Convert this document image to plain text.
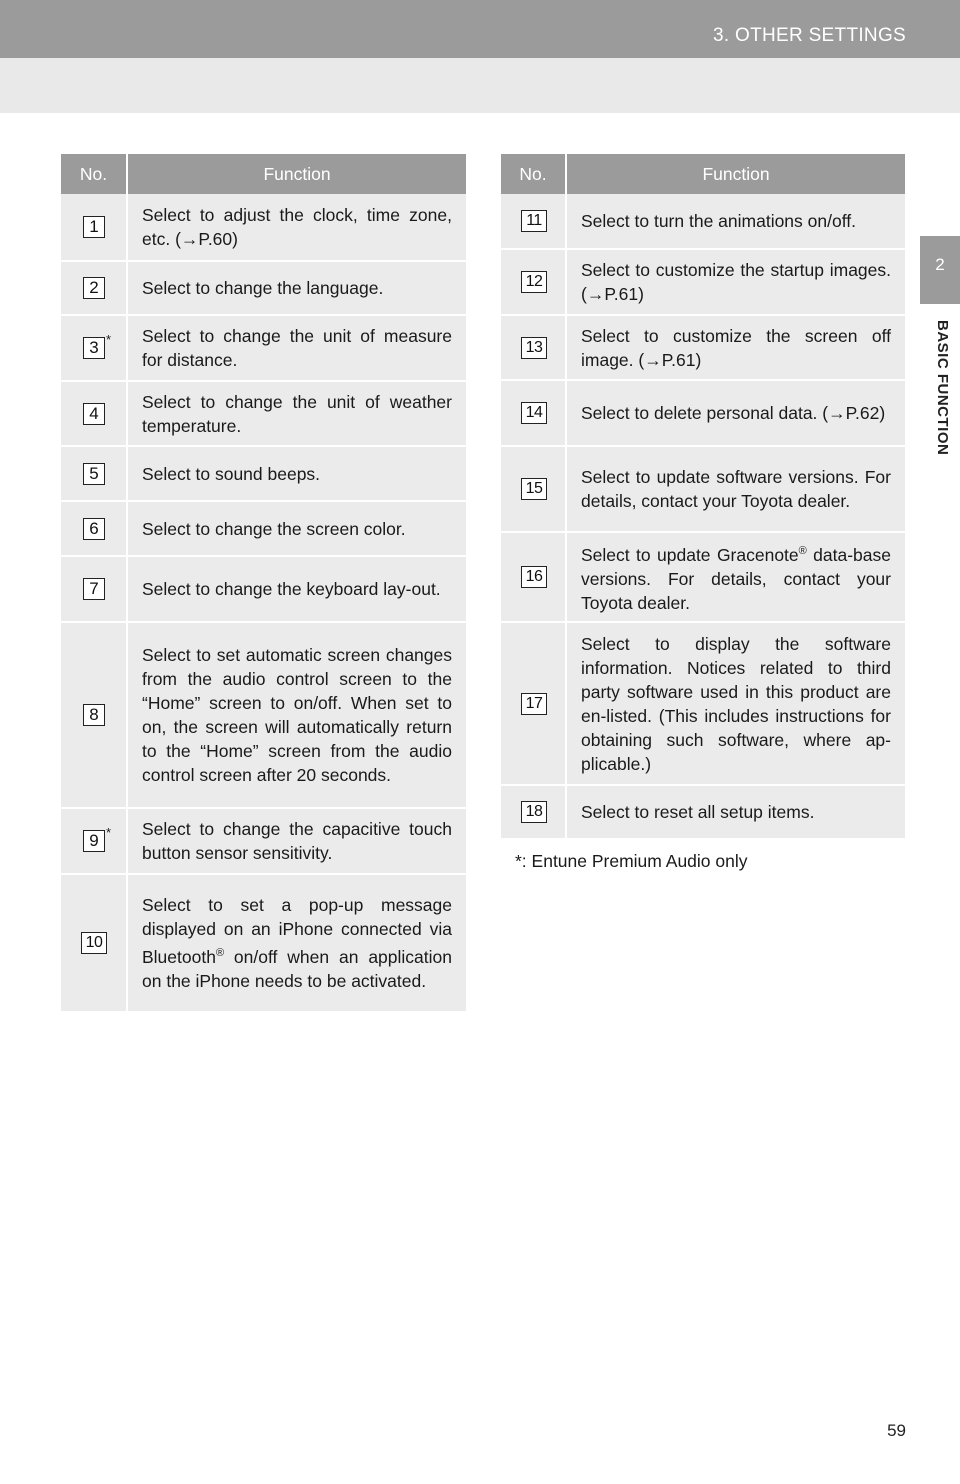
3. OTHER SETTINGS
2
BASIC FUNCTION
No.	Function

1	Select to adjust the clock, time zone, etc. (→P.60)

2	Select to change the language.

3 *	Select to change the unit of measure for distance.

4	Select to change the unit of weather temperature.

5	Select to sound beeps.

6	Select to change the screen color.

7	Select to change the keyboard lay-out.

8	Select to set automatic screen changes from the audio control screen to the “Home” screen to on/off. When set to on, the screen will automatically return to the “Home” screen from the audio control screen after 20 seconds.

9 *	Select to change the capacitive touch button sensor sensitivity.

10	Select to set a pop-up message displayed on an iPhone connected via Bluetooth® on/off when an application on the iPhone needs to be activated.
No.	Function

11	Select to turn the animations on/off.

12	Select to customize the startup images. (→P.61)

13	Select to customize the screen off image. (→P.61)

14	Select to delete personal data. (→P.62)

15	Select to update software versions. For details, contact your Toyota dealer.

16	Select to update Gracenote® data-base versions. For details, contact your Toyota dealer.

17	Select to display the software information. Notices related to third party software used in this product are en-listed. (This includes instructions for obtaining such software, where ap-plicable.)

18	Select to reset all setup items.
*: Entune Premium Audio only
59
